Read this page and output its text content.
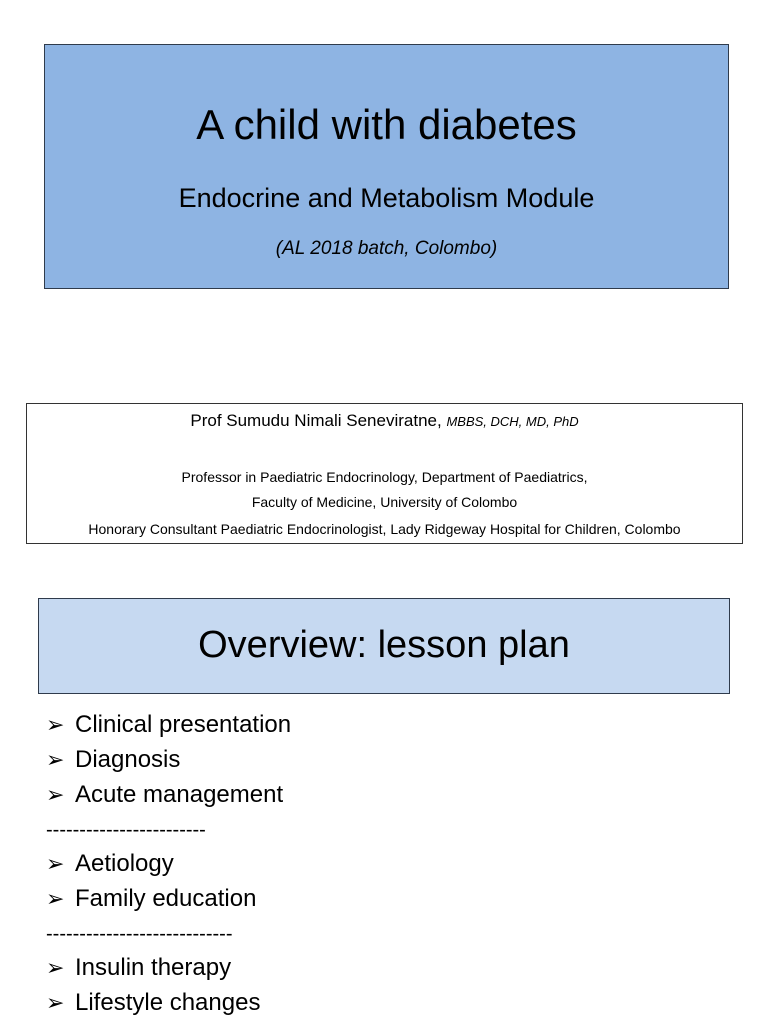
A child with diabetes
Endocrine and Metabolism Module
(AL 2018 batch, Colombo)
Prof Sumudu Nimali Seneviratne, MBBS, DCH, MD, PhD
Professor in Paediatric Endocrinology, Department of Paediatrics,
Faculty of Medicine, University of Colombo
Honorary Consultant Paediatric Endocrinologist, Lady Ridgeway Hospital for Children, Colombo
Overview: lesson plan
➢ Clinical presentation
➢ Diagnosis
➢ Acute management
------------------------
➢ Aetiology
➢ Family education
----------------------------
➢ Insulin therapy
➢ Lifestyle changes
